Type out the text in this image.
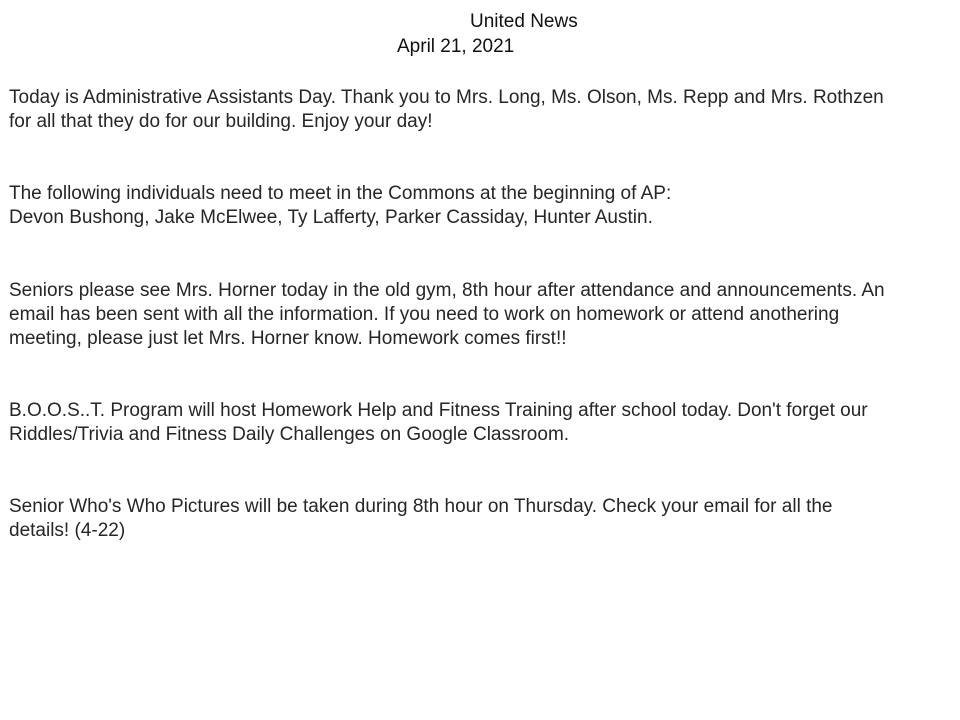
United News
April 21, 2021

Today is Administrative Assistants Day. Thank you to Mrs. Long, Ms. Olson, Ms. Repp and Mrs. Rothzen
for all that they do for our building. Enjoy your day!

The following individuals need to meet in the Commons at the beginning of AP:
Devon Bushong, Jake McElwee, Ty Lafferty, Parker Cassiday, Hunter Austin.

Seniors please see Mrs. Horner today in the old gym, 8th hour after attendance and announcements. An
email has been sent with all the information. If you need to work on homework or attend anothering
meeting, please just let Mrs. Horner know. Homework comes first!!

B.O.O.S..T. Program will host Homework Help and Fitness Training after school today. Don't forget our
Riddles/Trivia and Fitness Daily Challenges on Google Classroom.

Senior Who's Who Pictures will be taken during 8th hour on Thursday. Check your email for all the
details! (4-22)
